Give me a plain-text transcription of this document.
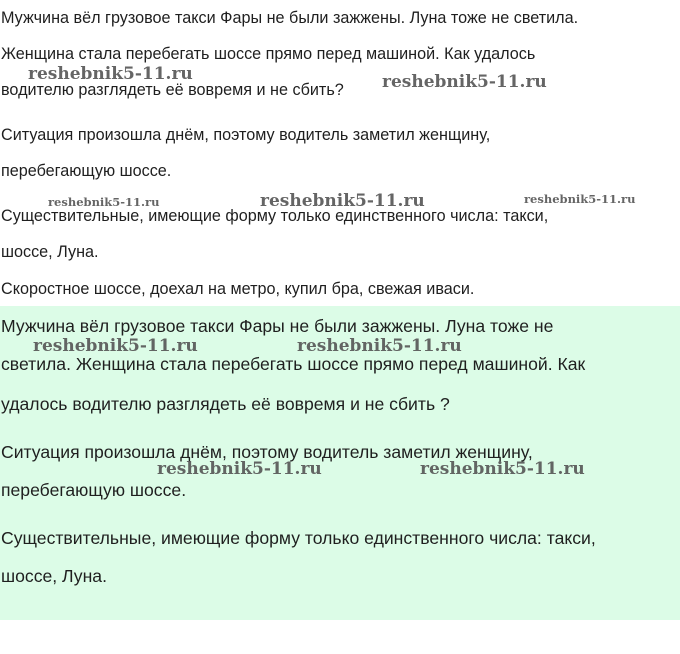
Мужчина вёл грузовое такси Фары не были зажжены. Луна тоже не светила.
Женщина стала перебегать шоссе прямо перед машиной. Как удалось
водителю разглядеть её вовремя и не сбить?
Ситуация произошла днём, поэтому водитель заметил женщину,
перебегающую шоссе.
Существительные, имеющие форму только единственного числа: такси,
шоссе, Луна.
Скоростное шоссе, доехал на метро, купил бра, свежая иваси.
reshebnik5-11.ru	reshebnik5-11.ru
reshebnik5-11.ru	reshebnik5-11.ru	reshebnik5-11.ru
Мужчина вёл грузовое такси Фары не были зажжены. Луна тоже не
светила. Женщина стала перебегать шоссе прямо перед машиной. Как
удалось водителю разглядеть её вовремя и не сбить ?
Ситуация произошла днём, поэтому водитель заметил женщину,
перебегающую шоссе.
Существительные, имеющие форму только единственного числа: такси,
шоссе, Луна.
reshebnik5-11.ru	reshebnik5-11.ru
reshebnik5-11.ru	reshebnik5-11.ru
